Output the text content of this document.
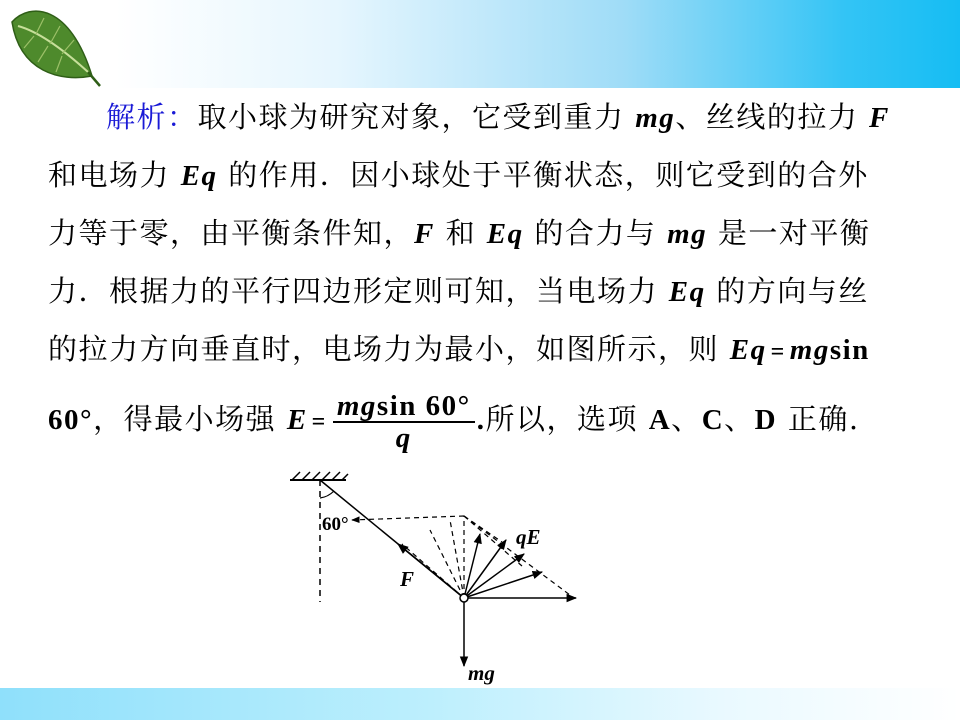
解析：取小球为研究对象，它受到重力 mg、丝线的拉力 F
和电场力 Eq 的作用．因小球处于平衡状态，则它受到的合外
力等于零，由平衡条件知，F 和 Eq 的合力与 mg 是一对平衡
力．根据力的平行四边形定则可知，当电场力 Eq 的方向与丝
的拉力方向垂直时，电场力为最小，如图所示，则 Eq = mgsin
60°，得最小场强 $E = \frac{mgsin 60^\circ}{q}$ .所以，选项 A、C、D 正确.
60°
F
qE
mg
